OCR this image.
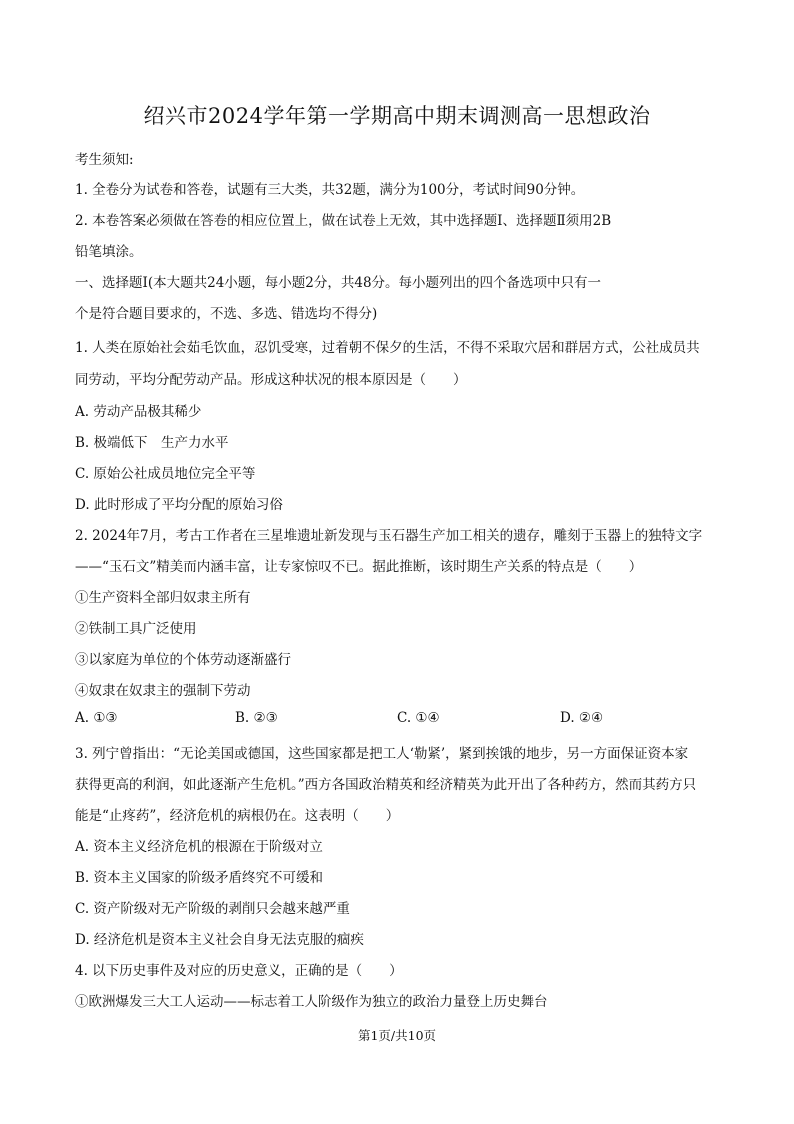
绍兴市2024学年第一学期高中期末调测高一思想政治
考生须知:
1. 全卷分为试卷和答卷，试题有三大类，共32题，满分为100分，考试时间90分钟。
2. 本卷答案必须做在答卷的相应位置上，做在试卷上无效，其中选择题Ⅰ、选择题Ⅱ须用2B
铅笔填涂。
一、选择题Ⅰ(本大题共24小题，每小题2分，共48分。每小题列出的四个备选项中只有一
个是符合题目要求的，不选、多选、错选均不得分)
1. 人类在原始社会茹毛饮血，忍饥受寒，过着朝不保夕的生活，不得不采取穴居和群居方式，公社成员共
同劳动，平均分配劳动产品。形成这种状况的根本原因是（　　）
A. 劳动产品极其稀少
B. 极端低下　生产力水平
C. 原始公社成员地位完全平等
D. 此时形成了平均分配的原始习俗
2. 2024年7月，考古工作者在三星堆遗址新发现与玉石器生产加工相关的遗存，雕刻于玉器上的独特文字
——“玉石文”精美而内涵丰富，让专家惊叹不已。据此推断，该时期生产关系的特点是（　　）
①生产资料全部归奴隶主所有
②铁制工具广泛使用
③以家庭为单位的个体劳动逐渐盛行
④奴隶在奴隶主的强制下劳动
A. ①③	B. ②③	C. ①④	D. ②④
3. 列宁曾指出：“无论美国或德国，这些国家都是把工人‘勒紧’，紧到挨饿的地步，另一方面保证资本家
获得更高的利润，如此逐渐产生危机。”西方各国政治精英和经济精英为此开出了各种药方，然而其药方只
能是“止疼药”，经济危机的病根仍在。这表明（　　）
A. 资本主义经济危机的根源在于阶级对立
B. 资本主义国家的阶级矛盾终究不可缓和
C. 资产阶级对无产阶级的剥削只会越来越严重
D. 经济危机是资本主义社会自身无法克服的痼疾
4. 以下历史事件及对应的历史意义，正确的是（　　）
①欧洲爆发三大工人运动——标志着工人阶级作为独立的政治力量登上历史舞台
第1页/共10页
